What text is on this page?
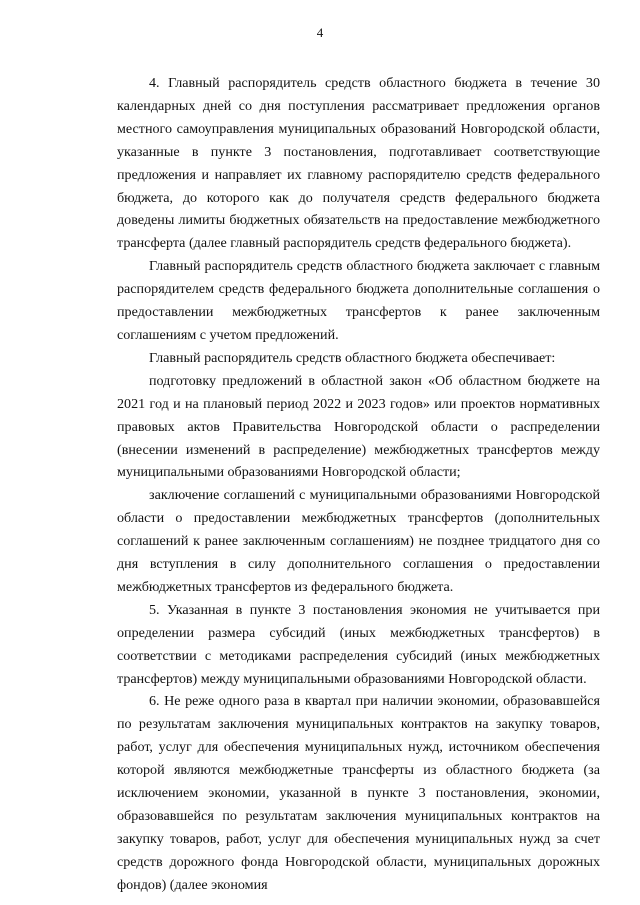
4

4. Главный распорядитель средств областного бюджета в течение 30 календарных дней со дня поступления рассматривает предложения органов местного самоуправления муниципальных образований Новгородской области, указанные в пункте 3 постановления, подготавливает соответствующие предложения и направляет их главному распорядителю средств федерального бюджета, до которого как до получателя средств федерального бюджета доведены лимиты бюджетных обязательств на предоставление межбюджетного трансферта (далее главный распорядитель средств федерального бюджета).

Главный распорядитель средств областного бюджета заключает с главным распорядителем средств федерального бюджета дополнительные соглашения о предоставлении межбюджетных трансфертов к ранее заключенным соглашениям с учетом предложений.

Главный распорядитель средств областного бюджета обеспечивает:

подготовку предложений в областной закон «Об областном бюджете на 2021 год и на плановый период 2022 и 2023 годов» или проектов нормативных правовых актов Правительства Новгородской области о распределении (внесении изменений в распределение) межбюджетных трансфертов между муниципальными образованиями Новгородской области;

заключение соглашений с муниципальными образованиями Новгородской области о предоставлении межбюджетных трансфертов (дополнительных соглашений к ранее заключенным соглашениям) не позднее тридцатого дня со дня вступления в силу дополнительного соглашения о предоставлении межбюджетных трансфертов из федерального бюджета.

5. Указанная в пункте 3 постановления экономия не учитывается при определении размера субсидий (иных межбюджетных трансфертов) в соответствии с методиками распределения субсидий (иных межбюджетных трансфертов) между муниципальными образованиями Новгородской области.

6. Не реже одного раза в квартал при наличии экономии, образовавшейся по результатам заключения муниципальных контрактов на закупку товаров, работ, услуг для обеспечения муниципальных нужд, источником обеспечения которой являются межбюджетные трансферты из областного бюджета (за исключением экономии, указанной в пункте 3 постановления, экономии, образовавшейся по результатам заключения муниципальных контрактов на закупку товаров, работ, услуг для обеспечения муниципальных нужд за счет средств дорожного фонда Новгородской области, муниципальных дорожных фондов) (далее экономия
